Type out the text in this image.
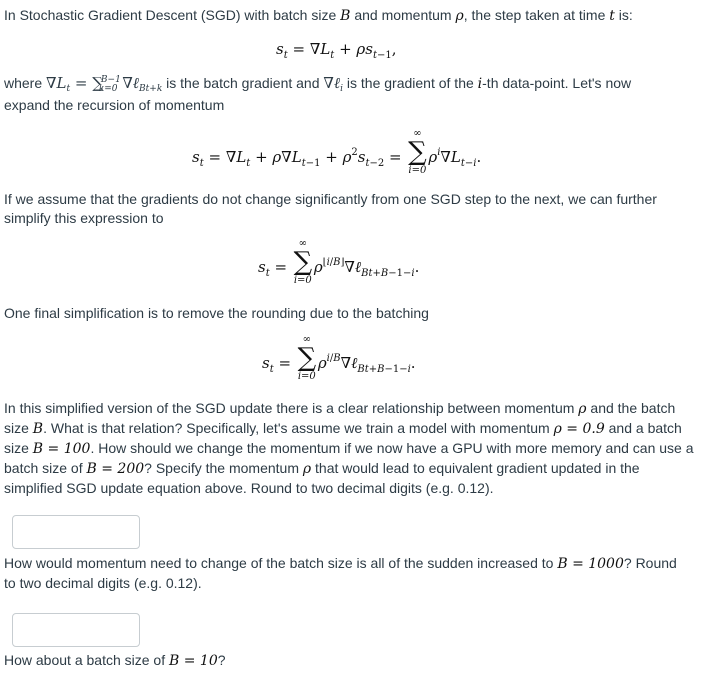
In Stochastic Gradient Descent (SGD) with batch size B and momentum ρ, the step taken at time t is:

$s_t = \nabla L_t + \rho s_{t-1}$,

where $\nabla L_t = \sum^{B-1}_{k=0}$ ∇ℓ$_{Bt+k}$ is the batch gradient and ∇ℓ$_i$ is the gradient of the i-th data-point. Let's now
expand the recursion of momentum

$s_t = \nabla L_t + \rho\nabla L_{t-1} + \rho^2s_{t-2}$ =
∞
∑
i=0
$\rho^i\nabla L_{t-i}$.

If we assume that the gradients do not change significantly from one SGD step to the next, we can further
simplify this expression to

$s_t$ =
∞
∑
i=0
$\rho^{⌊i/B⌋}\nabla\ell_{Bt+B-1-i}$.

One final simplification is to remove the rounding due to the batching

$s_t$ =
∞
∑
i=0
$\rho^{i/B}\nabla\ell_{Bt+B-1-i}$.

In this simplified version of the SGD update there is a clear relationship between momentum ρ and the batch
size B. What is that relation? Specifically, let's assume we train a model with momentum ρ = 0.9 and a batch
size B = 100. How should we change the momentum if we now have a GPU with more memory and can use a
batch size of B = 200? Specify the momentum ρ that would lead to equivalent gradient updated in the
simplified SGD update equation above. Round to two decimal digits (e.g. 0.12).

How would momentum need to change of the batch size is all of the sudden increased to B = 1000? Round
to two decimal digits (e.g. 0.12).

How about a batch size of B = 10?
